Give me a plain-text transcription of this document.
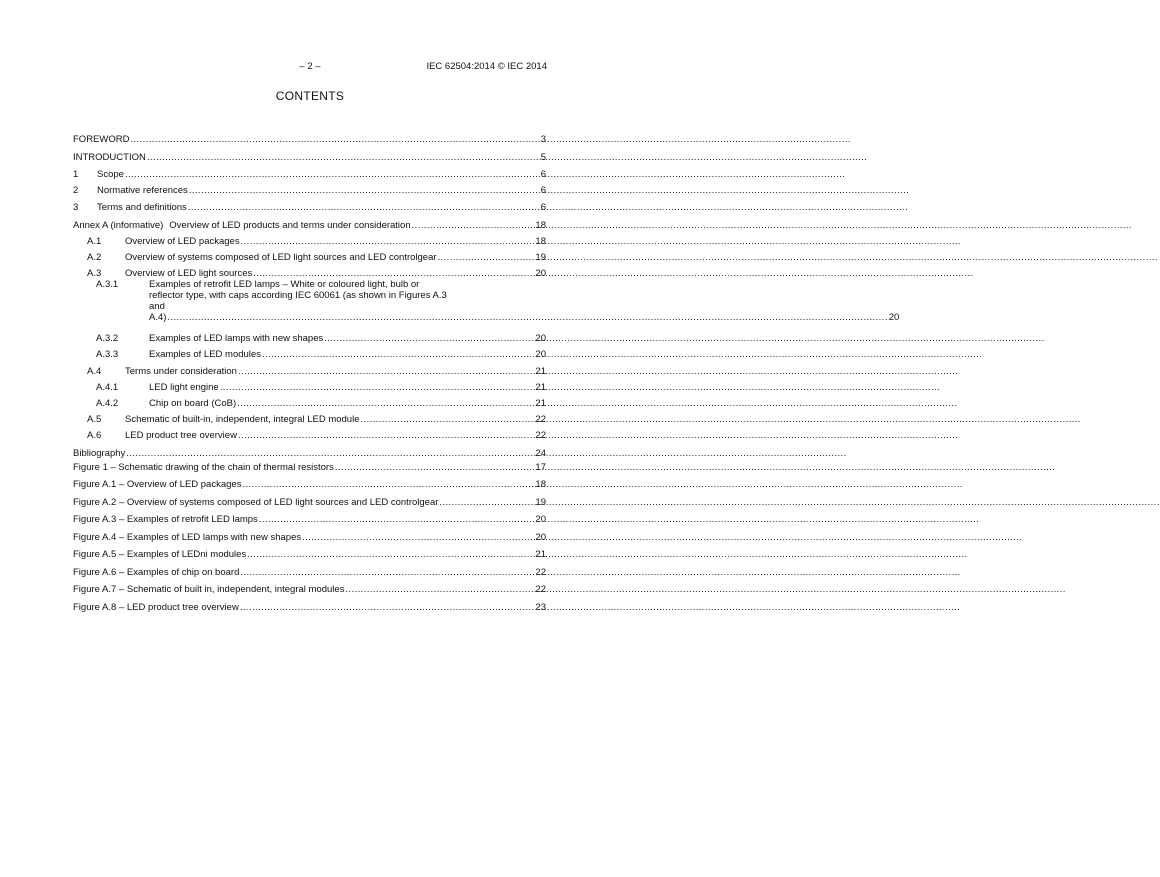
– 2 –	IEC 62504:2014 © IEC 2014
CONTENTS
FOREWORD .....	3
INTRODUCTION .....	5
1 Scope .....	6
2 Normative references .....	6
3 Terms and definitions .....	6
Annex A (informative) Overview of LED products and terms under consideration .....	18
A.1 Overview of LED packages .....	18
A.2 Overview of systems composed of LED light sources and LED controlgear .....	19
A.3 Overview of LED light sources .....	20
A.3.1	Examples of retrofit LED lamps – White or coloured light, bulb or
reflector type, with caps according IEC 60061 (as shown in Figures A.3
and A.4) .....	20
A.3.2	Examples of LED lamps with new shapes .....	20
A.3.3	Examples of LED modules .....	20
A.4 Terms under consideration .....	21
A.4.1	LED light engine .....	21
A.4.2	Chip on board (CoB) .....	21
A.5 Schematic of built-in, independent, integral LED module .....	22
A.6 LED product tree overview .....	22
Bibliography .....	24
Figure 1 – Schematic drawing of the chain of thermal resistors .....	17
Figure A.1 – Overview of LED packages .....	18
Figure A.2 – Overview of systems composed of LED light sources and LED controlgear .....	19
Figure A.3 – Examples of retrofit LED lamps .....	20
Figure A.4 – Examples of LED lamps with new shapes .....	20
Figure A.5 – Examples of LEDni modules .....	21
Figure A.6 – Examples of chip on board .....	22
Figure A.7 – Schematic of built in, independent, integral modules .....	22
Figure A.8 – LED product tree overview .....	23
